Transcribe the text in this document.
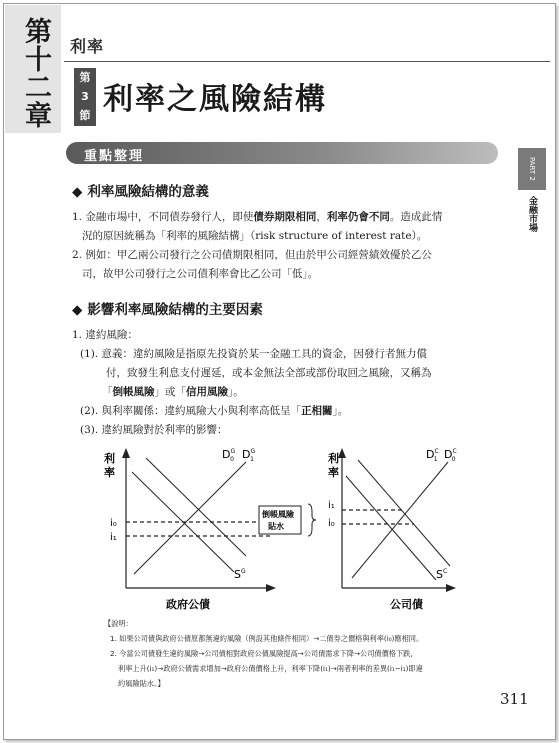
第十二章 利率
第
3
節 利率之風險結構
重點整理
PART 2
金融市場
◆ 利率風險結構的意義
1. 金融市場中，不同債券發行人，即使債券期限相同，利率仍會不同。造成此情
況的原因統稱為「利率的風險結構」（risk structure of interest rate）。
2. 例如：甲乙兩公司發行之公司債期限相同，但由於甲公司經營績效優於乙公
司，故甲公司發行之公司債利率會比乙公司「低」。
◆ 影響利率風險結構的主要因素
1. 違約風險：
(1). 意義：違約風險是指原先投資於某一金融工具的資金，因發行者無力償
付，致發生利息支付遲延，或本金無法全部或部份取回之風險，又稱為
「倒帳風險」或「信用風險」。
(2). 與利率關係：違約風險大小與利率高低呈「正相關」。
(3). 違約風險對於利率的影響：
利
率
政府公債
i₀
i₁
$D^G$ 0 $D^G$ 1
$S^G$
倒帳風險
貼水
利
率
公司債
i₁
i₀
$D^C$ 1 $D^C$ 0
$S^C$
【說明：
1. 如果公司債與政府公債原都無違約風險（例設其他條件相同）→二債券之價格與利率(i₀)應相同。
2. 今當公司債發生違約風險→公司債相對政府公債風險提高→公司債需求下降→公司債價格下跌，
利率上升(i₁)→政府公債需求增加→政府公債價格上升，利率下降(i₁)→兩者利率的差異(i₁−i₁)即違
約風險貼水。】
311
